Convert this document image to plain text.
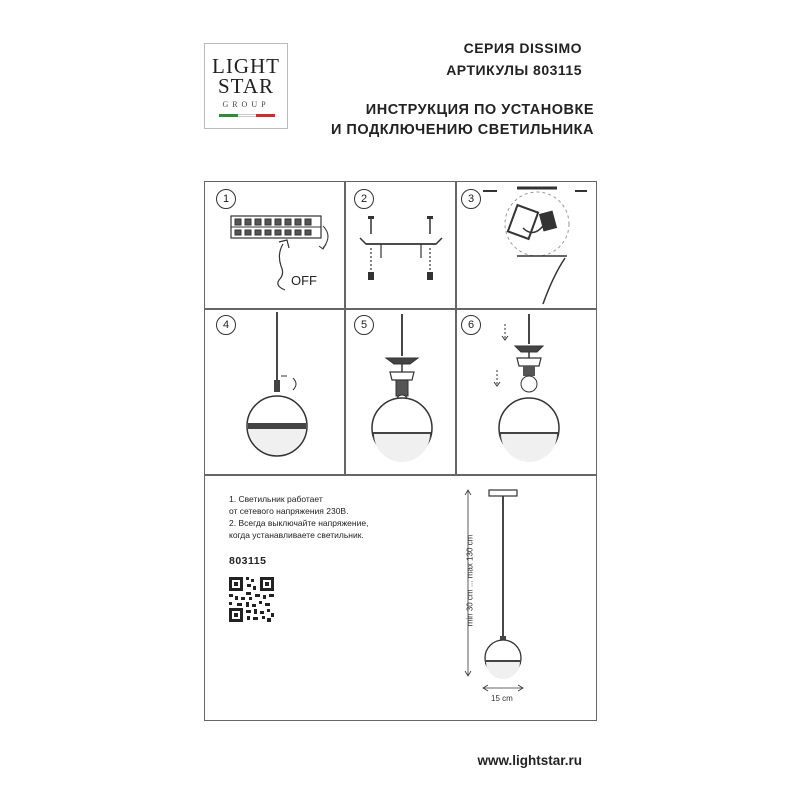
LIGHT
STAR
GROUP
СЕРИЯ DISSIMO
АРТИКУЛЫ 803115
ИНСТРУКЦИЯ ПО УСТАНОВКЕ
И ПОДКЛЮЧЕНИЮ СВЕТИЛЬНИКА
1
OFF
2	3
4	5	6
1. Светильник работает
от сетевого напряжения 230В.
2. Всегда выключайте напряжение,
когда устанавливаете светильник.
803115	min 30 cm ... max 130 cm
15 cm
www.lightstar.ru
